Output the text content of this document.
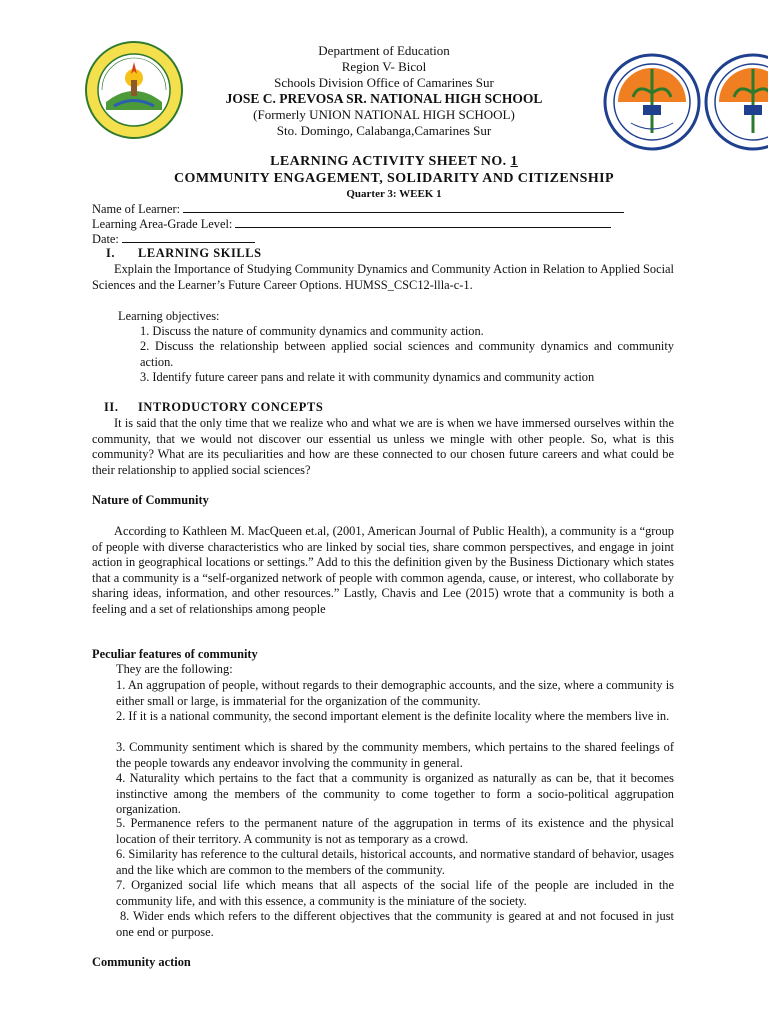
Department of Education
Region V- Bicol
Schools Division Office of Camarines Sur
JOSE C. PREVOSA SR. NATIONAL HIGH SCHOOL
(Formerly UNION NATIONAL HIGH SCHOOL)
Sto. Domingo, Calabanga,Camarines Sur
LEARNING ACTIVITY SHEET NO. 1
COMMUNITY ENGAGEMENT, SOLIDARITY AND CITIZENSHIP
Quarter 3: WEEK 1
Name of Learner:
Learning Area-Grade Level:
Date:
I. LEARNING SKILLS
Explain the Importance of Studying Community Dynamics and Community Action in Relation to Applied Social Sciences and the Learner’s Future Career Options. HUMSS_CSC12-llla-c-1.
Learning objectives:
1. Discuss the nature of community dynamics and community action.
2. Discuss the relationship between applied social sciences and community dynamics and community action.
3. Identify future career pans and relate it with community dynamics and community action
II. INTRODUCTORY CONCEPTS
It is said that the only time that we realize who and what we are is when we have immersed ourselves within the community, that we would not discover our essential us unless we mingle with other people. So, what is this community? What are its peculiarities and how are these connected to our chosen future careers and what could be their relationship to applied social sciences?
Nature of Community
According to Kathleen M. MacQueen et.al, (2001, American Journal of Public Health), a community is a “group of people with diverse characteristics who are linked by social ties, share common perspectives, and engage in joint action in geographical locations or settings.” Add to this the definition given by the Business Dictionary which states that a community is a “self-organized network of people with common agenda, cause, or interest, who collaborate by sharing ideas, information, and other resources.” Lastly, Chavis and Lee (2015) wrote that a community is both a feeling and a set of relationships among people
Peculiar features of community
They are the following:
1. An aggrupation of people, without regards to their demographic accounts, and the size, where a community is either small or large, is immaterial for the organization of the community.
2. If it is a national community, the second important element is the definite locality where the members live in.
3. Community sentiment which is shared by the community members, which pertains to the shared feelings of the people towards any endeavor involving the community in general.
4. Naturality which pertains to the fact that a community is organized as naturally as can be, that it becomes instinctive among the members of the community to come together to form a socio-political aggrupation organization.
5. Permanence refers to the permanent nature of the aggrupation in terms of its existence and the physical location of their territory. A community is not as temporary as a crowd.
6. Similarity has reference to the cultural details, historical accounts, and normative standard of behavior, usages and the like which are common to the members of the community.
7. Organized social life which means that all aspects of the social life of the people are included in the community life, and with this essence, a community is the miniature of the society.
8. Wider ends which refers to the different objectives that the community is geared at and not focused in just one end or purpose.
Community action
